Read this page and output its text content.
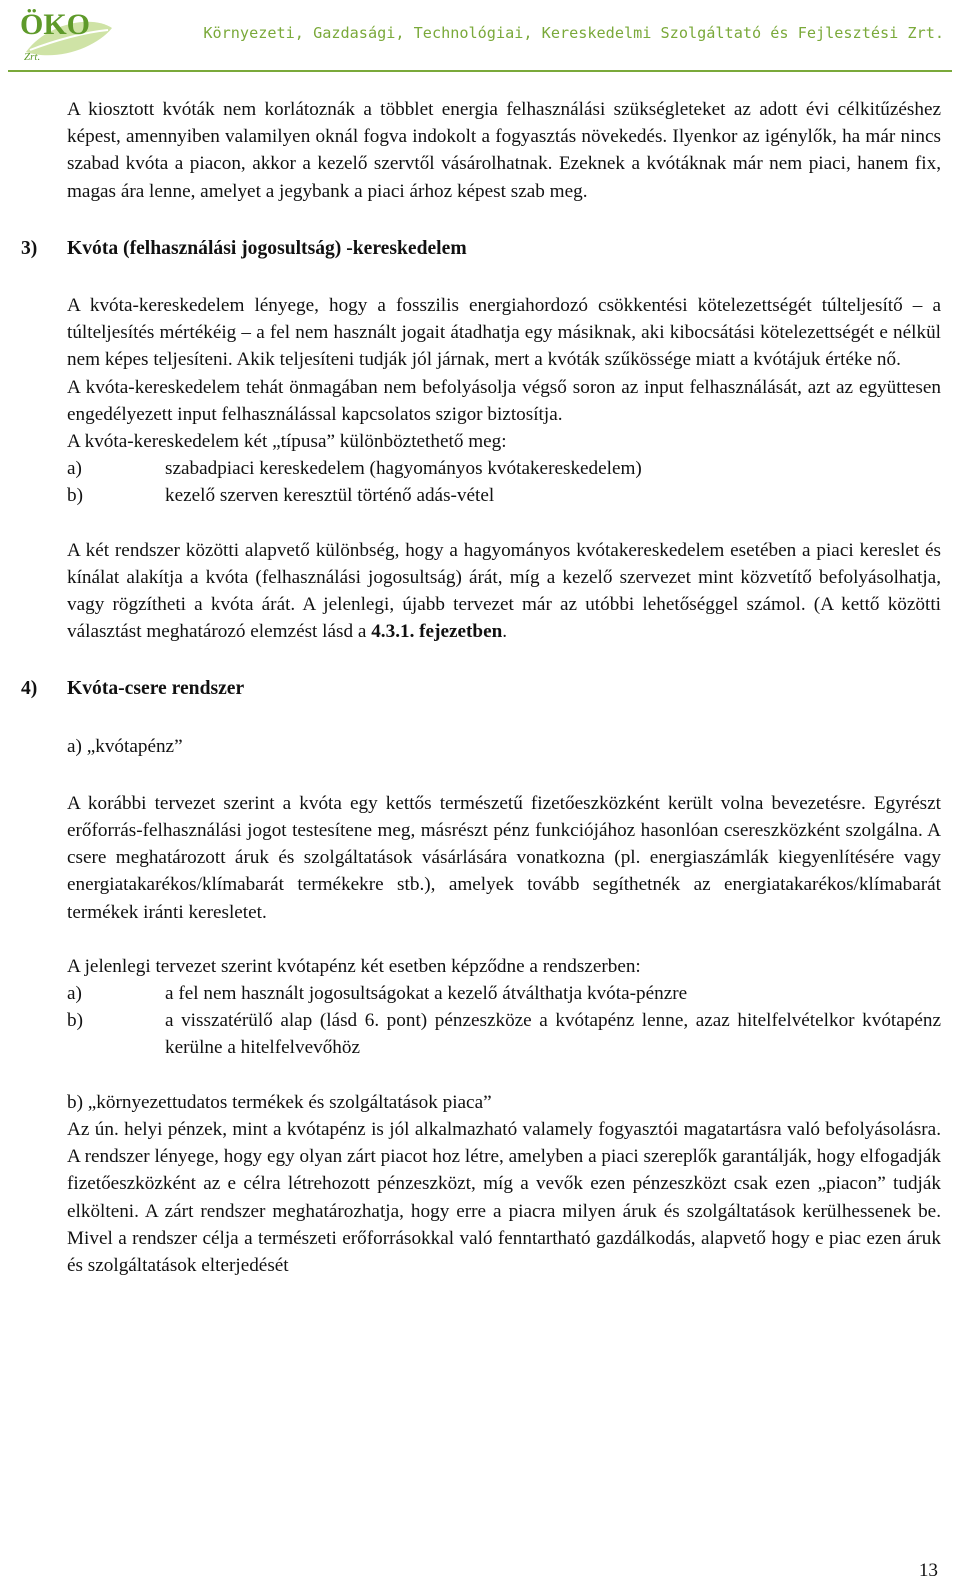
ÖKO
Zrt.
Környezeti, Gazdasági, Technológiai, Kereskedelmi Szolgáltató és Fejlesztési Zrt.

A kiosztott kvóták nem korlátoznák a többlet energia felhasználási szükségleteket az adott évi célkitűzéshez képest, amennyiben valamilyen oknál fogva indokolt a fogyasztás növekedés. Ilyenkor az igénylők, ha már nincs szabad kvóta a piacon, akkor a kezelő szervtől vásárolhatnak. Ezeknek a kvótáknak már nem piaci, hanem fix, magas ára lenne, amelyet a jegybank a piaci árhoz képest szab meg.

3) Kvóta (felhasználási jogosultság) -kereskedelem

A kvóta-kereskedelem lényege, hogy a fosszilis energiahordozó csökkentési kötelezettségét túlteljesítő – a túlteljesítés mértékéig – a fel nem használt jogait átadhatja egy másiknak, aki kibocsátási kötelezettségét e nélkül nem képes teljesíteni. Akik teljesíteni tudják jól járnak, mert a kvóták szűkössége miatt a kvótájuk értéke nő.

A kvóta-kereskedelem tehát önmagában nem befolyásolja végső soron az input felhasználását, azt az együttesen engedélyezett input felhasználással kapcsolatos szigor biztosítja.

A kvóta-kereskedelem két „típusa” különböztethető meg:

a)	szabadpiaci kereskedelem (hagyományos kvótakereskedelem)
b)	kezelő szerven keresztül történő adás-vétel

A két rendszer közötti alapvető különbség, hogy a hagyományos kvótakereskedelem esetében a piaci kereslet és kínálat alakítja a kvóta (felhasználási jogosultság) árát, míg a kezelő szervezet mint közvetítő befolyásolhatja, vagy rögzítheti a kvóta árát. A jelenlegi, újabb tervezet már az utóbbi lehetőséggel számol. (A kettő közötti választást meghatározó elemzést lásd a 4.3.1. fejezetben.

4) Kvóta-csere rendszer

a) „kvótapénz”

A korábbi tervezet szerint a kvóta egy kettős természetű fizetőeszközként került volna bevezetésre. Egyrészt erőforrás-felhasználási jogot testesítene meg, másrészt pénz funkciójához hasonlóan csereszközként szolgálna. A csere meghatározott áruk és szolgáltatások vásárlására vonatkozna (pl. energiaszámlák kiegyenlítésére vagy energiatakarékos/klímabarát termékekre stb.), amelyek tovább segíthetnék az energiatakarékos/klímabarát termékek iránti keresletet.

A jelenlegi tervezet szerint kvótapénz két esetben képződne a rendszerben:

a)	a fel nem használt jogosultságokat a kezelő átválthatja kvóta-pénzre
b)	a visszatérülő alap (lásd 6. pont) pénzeszköze a kvótapénz lenne, azaz hitelfelvételkor kvótapénz kerülne a hitelfelvevőhöz

b) „környezettudatos termékek és szolgáltatások piaca”

Az ún. helyi pénzek, mint a kvótapénz is jól alkalmazható valamely fogyasztói magatartásra való befolyásolásra. A rendszer lényege, hogy egy olyan zárt piacot hoz létre, amelyben a piaci szereplők garantálják, hogy elfogadják fizetőeszközként az e célra létrehozott pénzeszközt, míg a vevők ezen pénzeszközt csak ezen „piacon” tudják elkölteni. A zárt rendszer meghatározhatja, hogy erre a piacra milyen áruk és szolgáltatások kerülhessenek be. Mivel a rendszer célja a természeti erőforrásokkal való fenntartható gazdálkodás, alapvető hogy e piac ezen áruk és szolgáltatások elterjedését

13
